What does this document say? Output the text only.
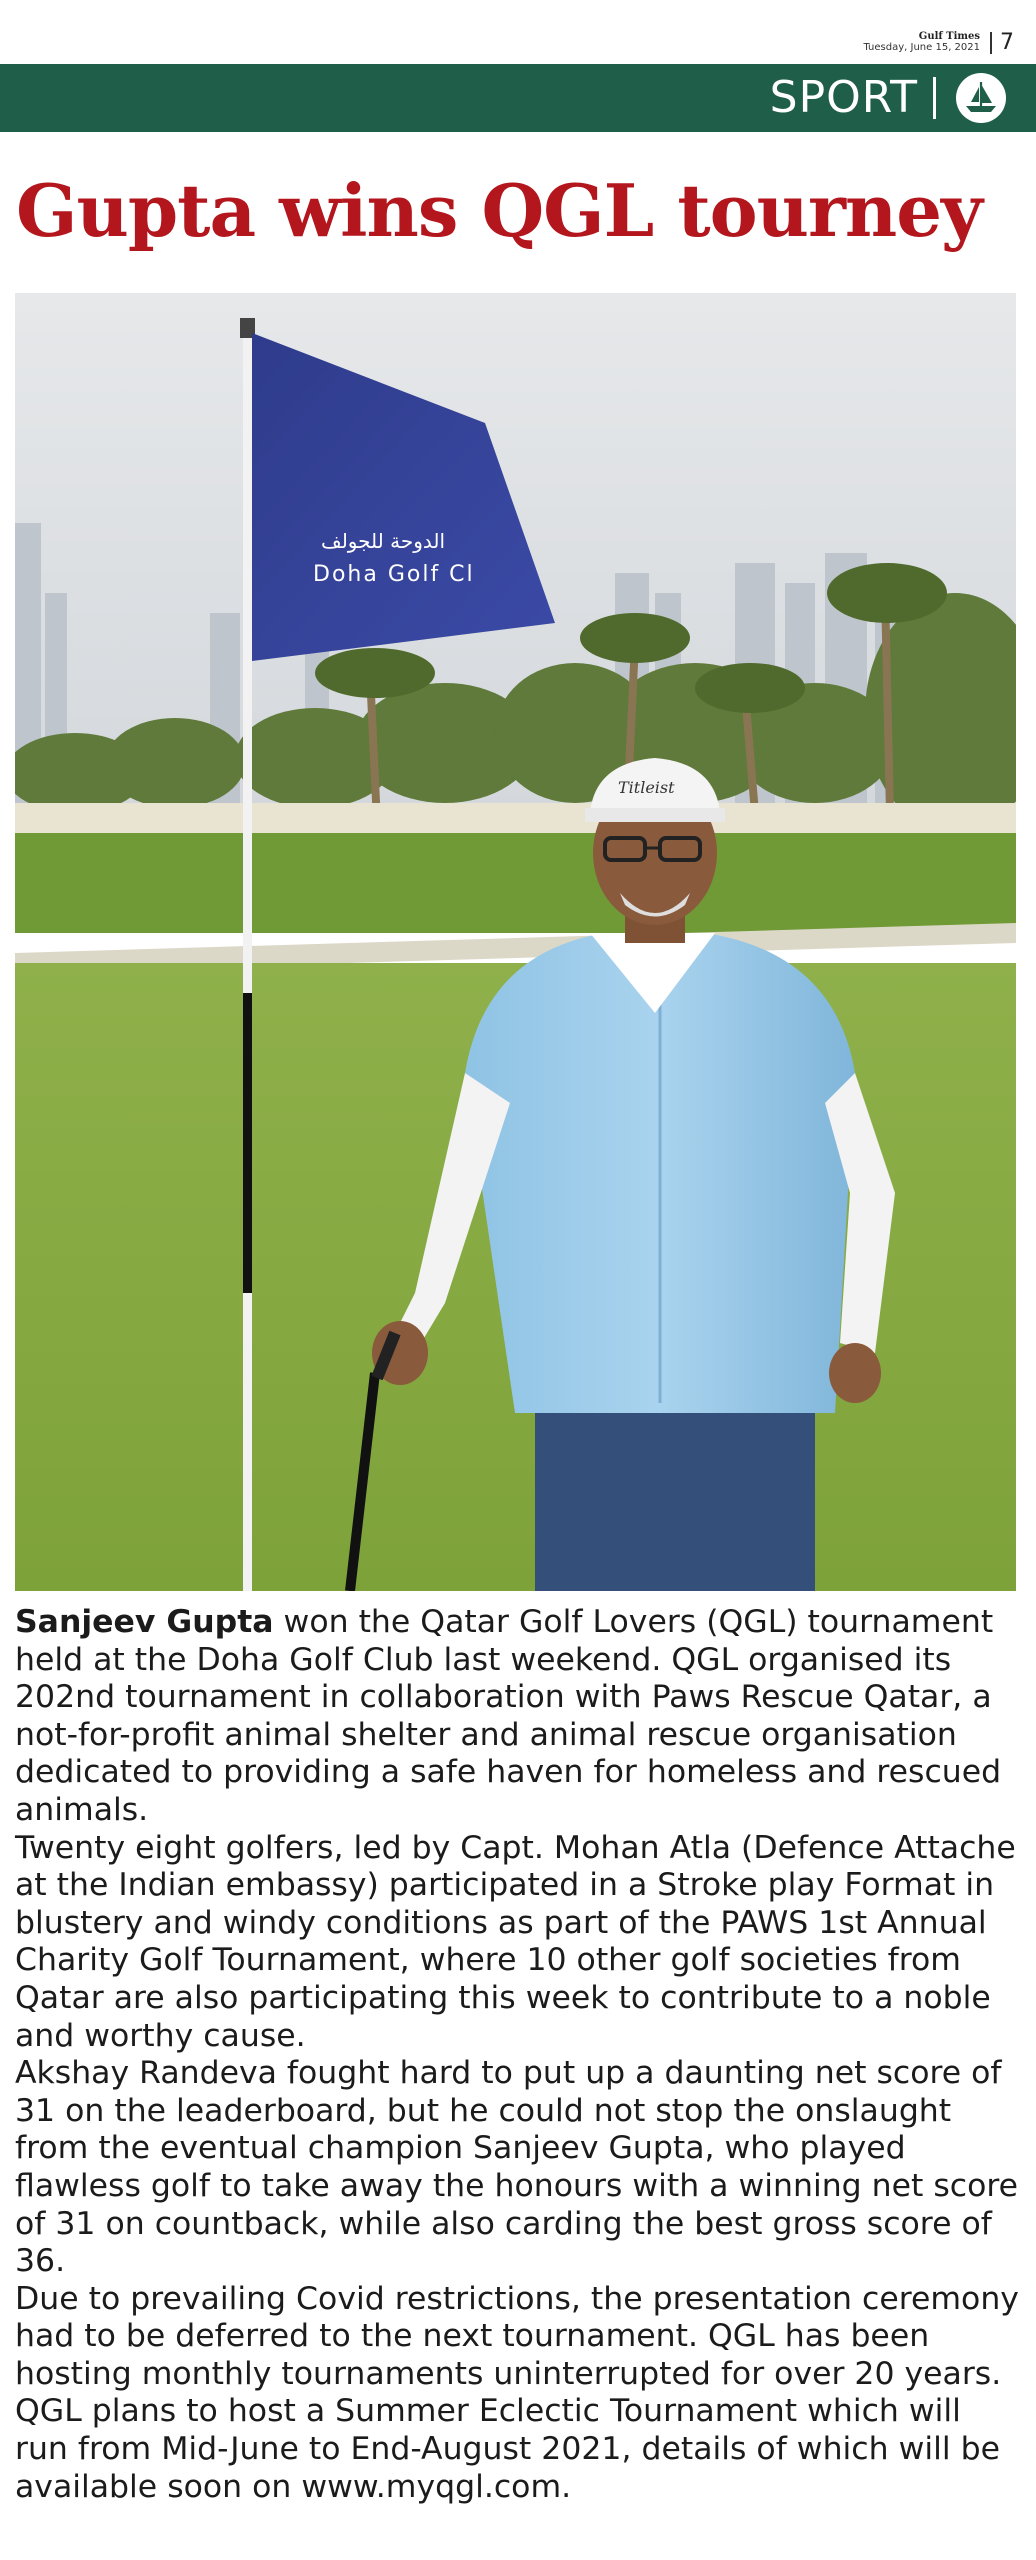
Gulf Times
Tuesday, June 15, 2021 7
SPORT
Gupta wins QGL tourney
الدوحة للجولف
Doha Golf Cl
Titleist

Sanjeev Gupta won the Qatar Golf Lovers (QGL) tournament held at the Doha Golf Club last weekend. QGL organised its 202nd tournament in collaboration with Paws Rescue Qatar, a not-for-profit animal shelter and animal rescue organisation dedicated to providing a safe haven for homeless and rescued animals.

Twenty eight golfers, led by Capt. Mohan Atla (Defence Attache at the Indian embassy) participated in a Stroke play Format in blustery and windy conditions as part of the PAWS 1st Annual Charity Golf Tournament, where 10 other golf societies from Qatar are also participating this week to contribute to a noble and worthy cause.

Akshay Randeva fought hard to put up a daunting net score of 31 on the leaderboard, but he could not stop the onslaught from the eventual champion Sanjeev Gupta, who played flawless golf to take away the honours with a winning net score of 31 on countback, while also carding the best gross score of 36.

Due to prevailing Covid restrictions, the presentation ceremony had to be deferred to the next tournament. QGL has been hosting monthly tournaments uninterrupted for over 20 years. QGL plans to host a Summer Eclectic Tournament which will run from Mid-June to End-August 2021, details of which will be available soon on www.myqgl.com.
